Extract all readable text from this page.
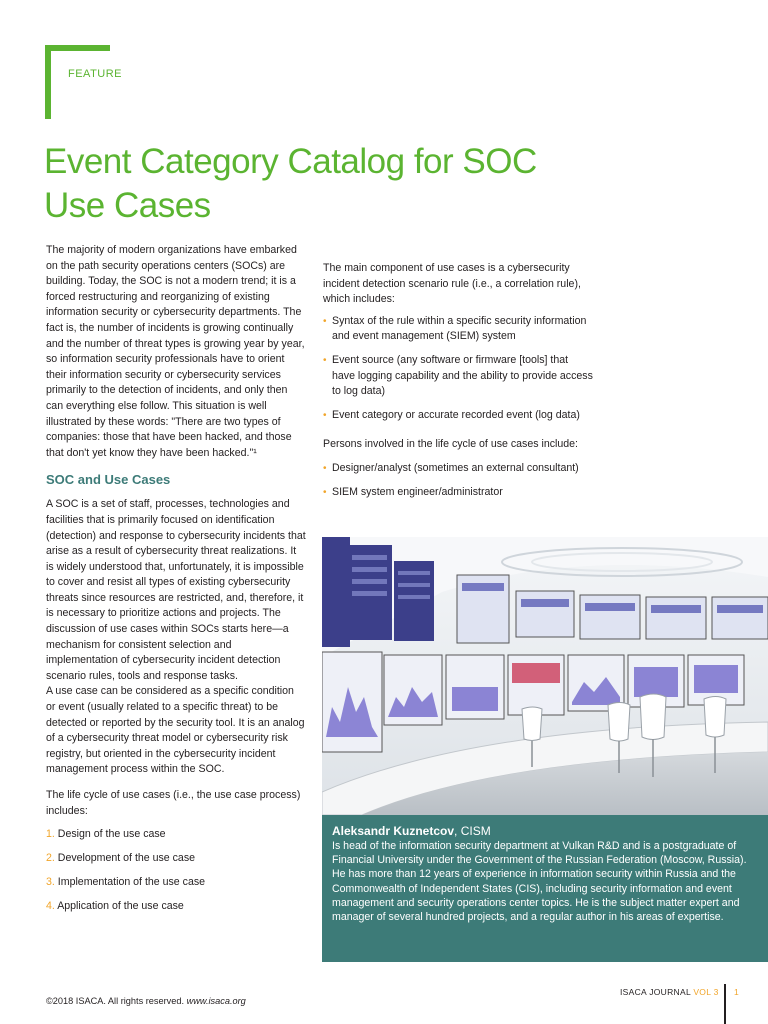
FEATURE
Event Category Catalog for SOC Use Cases

The majority of modern organizations have embarked on the path security operations centers (SOCs) are building. Today, the SOC is not a modern trend; it is a forced restructuring and reorganizing of existing information security or cybersecurity departments. The fact is, the number of incidents is growing continually and the number of threat types is growing year by year, so information security professionals have to orient their information security or cybersecurity services primarily to the detection of incidents, and only then can everything else follow. This situation is well illustrated by these words: "There are two types of companies: those that have been hacked, and those that don't yet know they have been hacked."¹

SOC and Use Cases

A SOC is a set of staff, processes, technologies and facilities that is primarily focused on identification (detection) and response to cybersecurity incidents that arise as a result of cybersecurity threat realizations. It is widely understood that, unfortunately, it is impossible to cover and resist all types of existing cybersecurity threats since resources are restricted, and, therefore, it is necessary to prioritize actions and projects. The discussion of use cases within SOCs starts here—a mechanism for consistent selection and implementation of cybersecurity incident detection scenario rules, tools and response tasks.

A use case can be considered as a specific condition or event (usually related to a specific threat) to be detected or reported by the security tool. It is an analog of a cybersecurity threat model or cybersecurity risk registry, but oriented in the cybersecurity incident management process within the SOC.

The life cycle of use cases (i.e., the use case process) includes:

1. Design of the use case
2. Development of the use case
3. Implementation of the use case
4. Application of the use case

The main component of use cases is a cybersecurity incident detection scenario rule (i.e., a correlation rule), which includes:

• Syntax of the rule within a specific security information and event management (SIEM) system
• Event source (any software or firmware [tools] that have logging capability and the ability to provide access to log data)
• Event category or accurate recorded event (log data)

Persons involved in the life cycle of use cases include:

• Designer/analyst (sometimes an external consultant)
• SIEM system engineer/administrator
Aleksandr Kuznetcov, CISM
Is head of the information security department at Vulkan R&D and is a postgraduate of Financial University under the Government of the Russian Federation (Moscow, Russia). He has more than 12 years of experience in information security within Russia and the Commonwealth of Independent States (CIS), including security information and event management and security operations center topics. He is the subject matter expert and manager of several hundred projects, and a regular author in his areas of expertise.
©2018 ISACA. All rights reserved. www.isaca.org
ISACA JOURNAL VOL 3 1
